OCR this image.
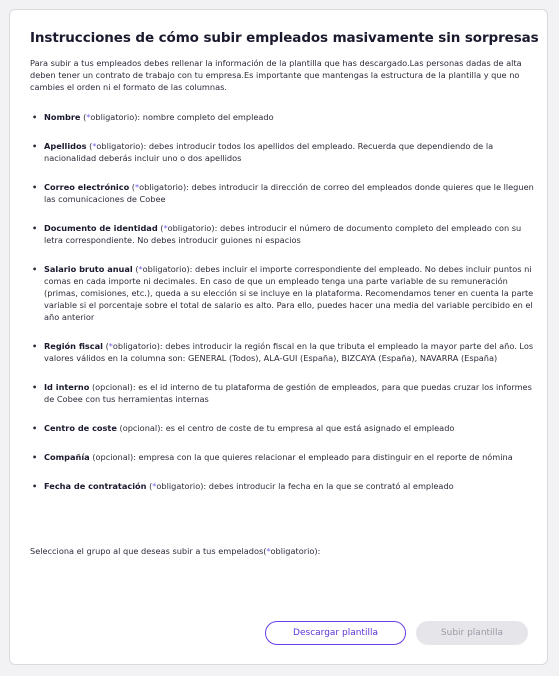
Instrucciones de cómo subir empleados masivamente sin sorpresas

Para subir a tus empleados debes rellenar la información de la plantilla que has descargado.Las personas dadas de alta deben tener un contrato de trabajo con tu empresa.Es importante que mantengas la estructura de la plantilla y que no cambies el orden ni el formato de las columnas.

• Nombre (*obligatorio): nombre completo del empleado
• Apellidos (*obligatorio): debes introducir todos los apellidos del empleado. Recuerda que dependiendo de la nacionalidad deberás incluir uno o dos apellidos
• Correo electrónico (*obligatorio): debes introducir la dirección de correo del empleados donde quieres que le lleguen las comunicaciones de Cobee
• Documento de identidad (*obligatorio): debes introducir el número de documento completo del empleado con su letra correspondiente. No debes introducir guiones ni espacios
• Salario bruto anual (*obligatorio): debes incluir el importe correspondiente del empleado. No debes incluir puntos ni comas en cada importe ni decimales. En caso de que un empleado tenga una parte variable de su remuneración (primas, comisiones, etc.), queda a su elección si se incluye en la plataforma. Recomendamos tener en cuenta la parte variable si el porcentaje sobre el total de salario es alto. Para ello, puedes hacer una media del variable percibido en el año anterior
• Región fiscal (*obligatorio): debes introducir la región fiscal en la que tributa el empleado la mayor parte del año. Los valores válidos en la columna son: GENERAL (Todos), ALA-GUI (España), BIZCAYA (España), NAVARRA (España)
• Id interno (opcional): es el id interno de tu plataforma de gestión de empleados, para que puedas cruzar los informes de Cobee con tus herramientas internas
• Centro de coste (opcional): es el centro de coste de tu empresa al que está asignado el empleado
• Compañía (opcional): empresa con la que quieres relacionar el empleado para distinguir en el reporte de nómina
• Fecha de contratación (*obligatorio): debes introducir la fecha en la que se contrató al empleado

Selecciona el grupo al que deseas subir a tus empelados(*obligatorio):

Descargar plantilla	Subir plantilla
